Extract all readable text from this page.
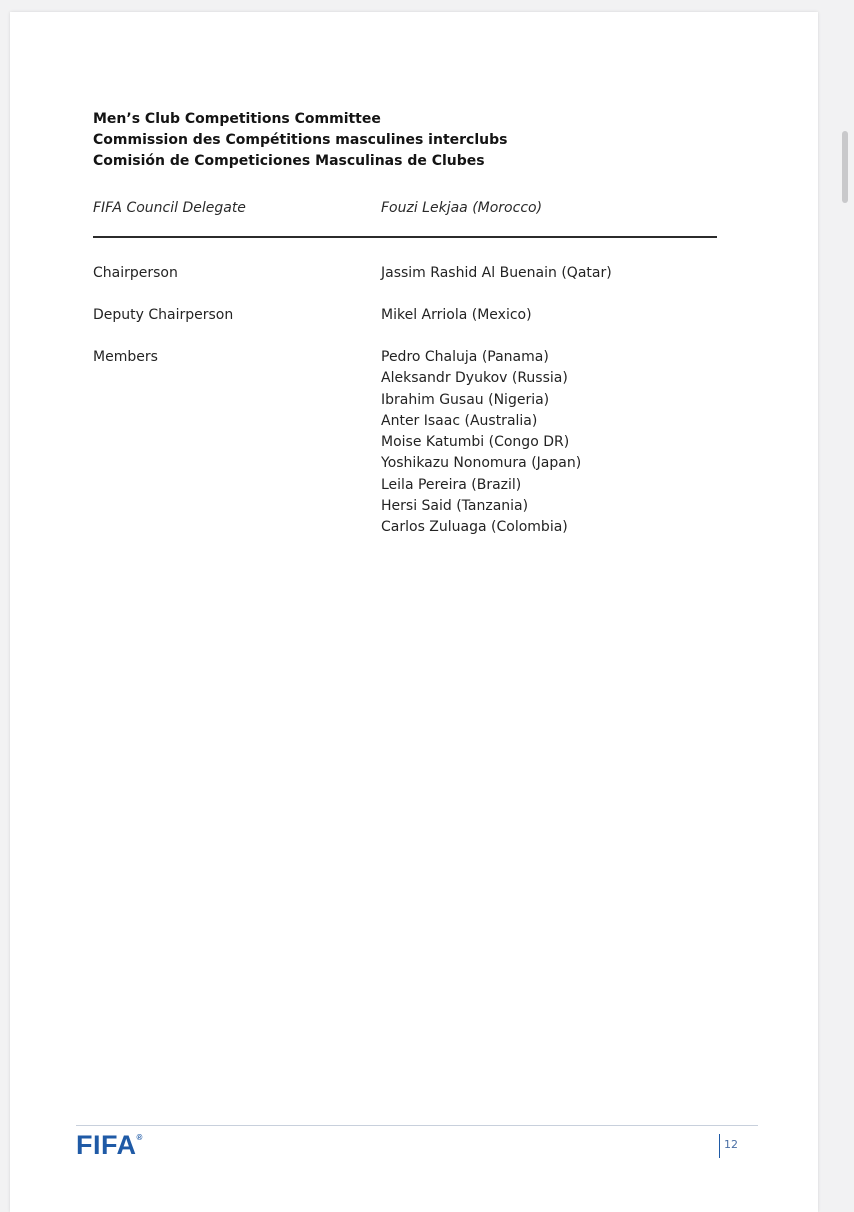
Men’s Club Competitions Committee
Commission des Compétitions masculines interclubs
Comisión de Competiciones Masculinas de Clubes
FIFA Council Delegate	Fouzi Lekjaa (Morocco)
Chairperson	Jassim Rashid Al Buenain (Qatar)
Deputy Chairperson	Mikel Arriola (Mexico)
Members	Pedro Chaluja (Panama)
Aleksandr Dyukov (Russia)
Ibrahim Gusau (Nigeria)
Anter Isaac (Australia)
Moise Katumbi (Congo DR)
Yoshikazu Nonomura (Japan)
Leila Pereira (Brazil)
Hersi Said (Tanzania)
Carlos Zuluaga (Colombia)
FIFA®
12
